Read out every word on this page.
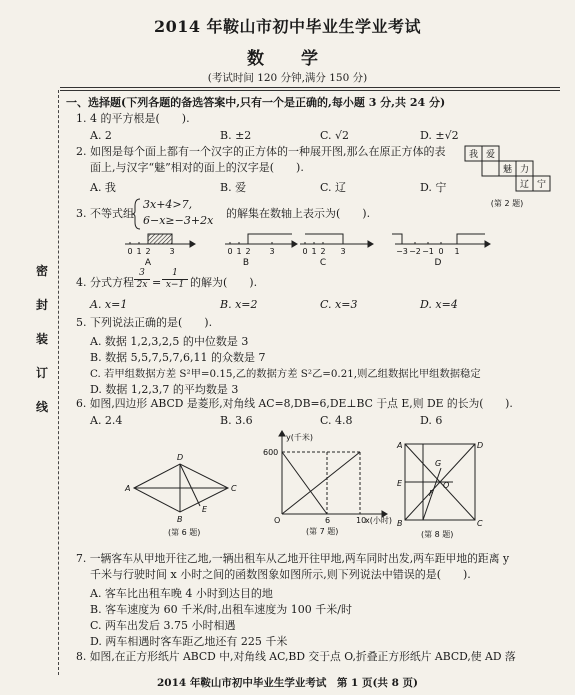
2014 年鞍山市初中毕业生学业考试
数　学
(考试时间 120 分钟,满分 150 分)
密
封
装
订
线
一、选择题(下列各题的备选答案中,只有一个是正确的,每小题 3 分,共 24 分)
1. 4 的平方根是(　　).
A. 2	B. ±2	C. √2	D. ±√2
2. 如图是每个面上都有一个汉字的正方体的一种展开图,那么在原正方体的表
面上,与汉字“魅”相对的面上的汉字是(　　).
A. 我	B. 爱	C. 辽	D. 宁
我 爱
魅 力
辽 宁
(第 2 题)
3. 不等式组
3x+4>7,
6−x≥−3+2x
的解集在数轴上表示为(　　).
0 1 2 3
A
0 1 2 3
B
0 1 2 3
C
−3 −2 −1 0 1
D
4. 分式方程
3
2x =
1
x−1 的解为(　　).
A. x=1	B. x=2	C. x=3	D. x=4
5. 下列说法正确的是(　　).
A. 数据 1,2,3,2,5 的中位数是 3
B. 数据 5,5,7,5,7,6,11 的众数是 7
C. 若甲组数据方差 S²甲=0.15,乙的数据方差 S²乙=0.21,则乙组数据比甲组数据稳定
D. 数据 1,2,3,7 的平均数是 3
6. 如图,四边形 ABCD 是菱形,对角线 AC=8,DB=6,DE⊥BC 于点 E,则 DE 的长为(　　).
A. 2.4	B. 3.6	C. 4.8	D. 6
A
D
C
B
E
(第 6 题)
y(千米)
600
O	6	10
x(小时)
(第 7 题)
A	D
B	C
G
F
E	O
(第 8 题)
7. 一辆客车从甲地开往乙地,一辆出租车从乙地开往甲地,两车同时出发,两车距甲地的距离 y
千米与行驶时间 x 小时之间的函数图象如图所示,则下列说法中错误的是(　　).
A. 客车比出租车晚 4 小时到达目的地
B. 客车速度为 60 千米/时,出租车速度为 100 千米/时
C. 两车出发后 3.75 小时相遇
D. 两车相遇时客车距乙地还有 225 千米
8. 如图,在正方形纸片 ABCD 中,对角线 AC,BD 交于点 O,折叠正方形纸片 ABCD,使 AD 落
2014 年鞍山市初中毕业生学业考试　第 1 页(共 8 页)
